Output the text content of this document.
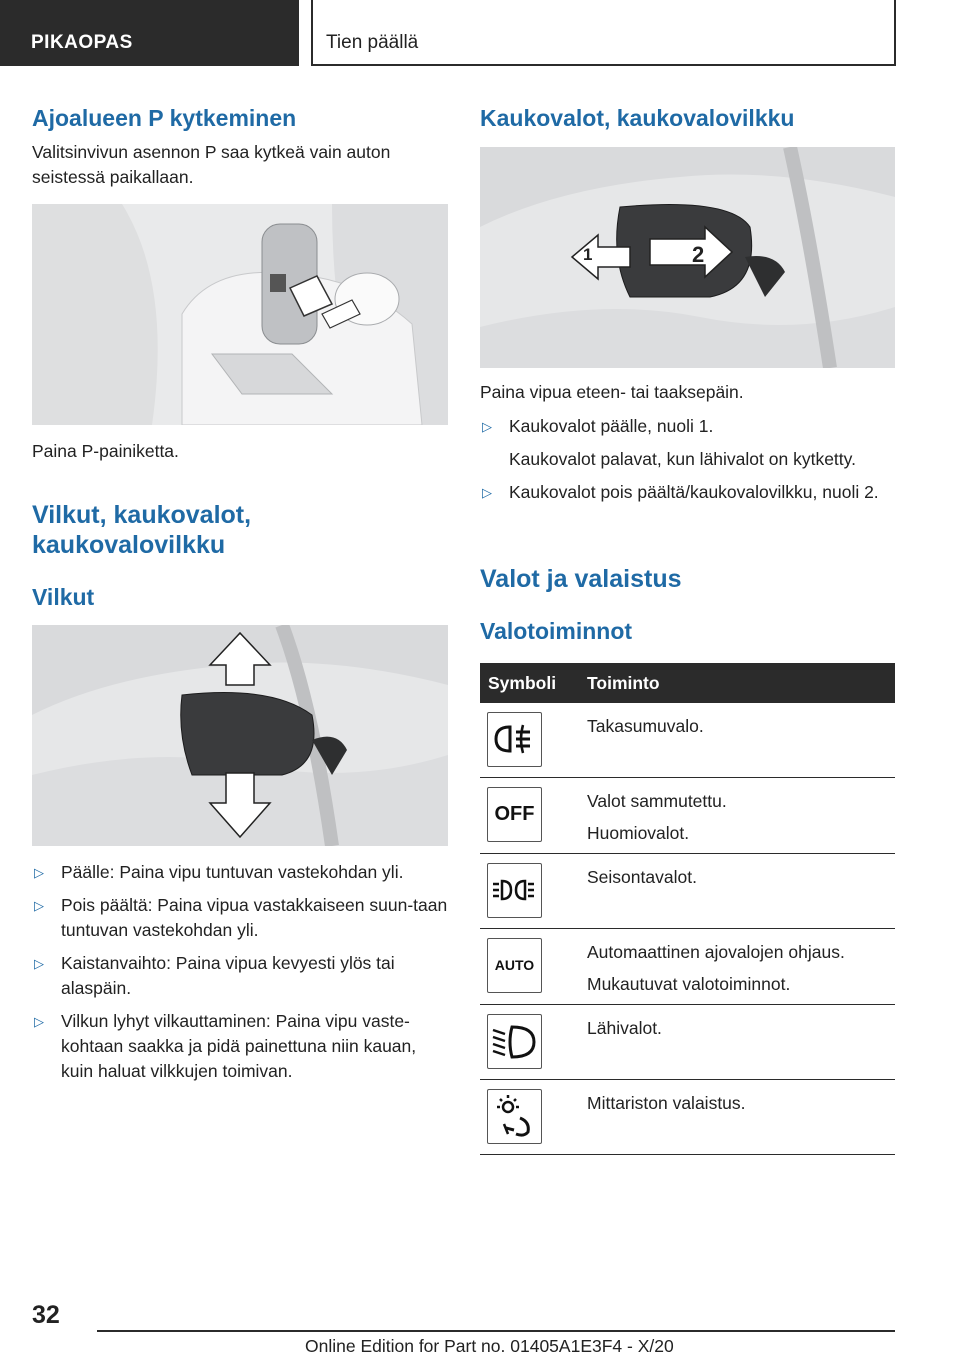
PIKAOPAS	Tien päällä
Ajoalueen P kytkeminen
Valitsinvivun asennon P saa kytkeä vain auton seistessä paikallaan.
Paina P-painiketta.
Vilkut, kaukovalot,
kaukovalovilkku
Vilkut
▷ Päälle: Paina vipu tuntuvan vastekohdan yli.
▷ Pois päältä: Paina vipua vastakkaiseen suun-taan tuntuvan vastekohdan yli.
▷ Kaistanvaihto: Paina vipua kevyesti ylös tai alaspäin.
▷ Vilkun lyhyt vilkauttaminen: Paina vipu vaste-kohtaan saakka ja pidä painettuna niin kauan, kuin haluat vilkkujen toimivan.
Kaukovalot, kaukovalovilkku
1	2
Paina vipua eteen- tai taaksepäin.
▷ Kaukovalot päälle, nuoli 1.
Kaukovalot palavat, kun lähivalot on kytketty.
▷ Kaukovalot pois päältä/kaukovalovilkku, nuoli 2.
Valot ja valaistus
Valotoiminnot
Symboli Toiminto

Takasumuvalo.

OFF

Valot sammutettu.

Huomiovalot.

Seisontavalot.

AUTO

Automaattinen ajovalojen ohjaus.

Mukautuvat valotoiminnot.

Lähivalot.

Mittariston valaistus.

32
Online Edition for Part no. 01405A1E3F4 - X/20
